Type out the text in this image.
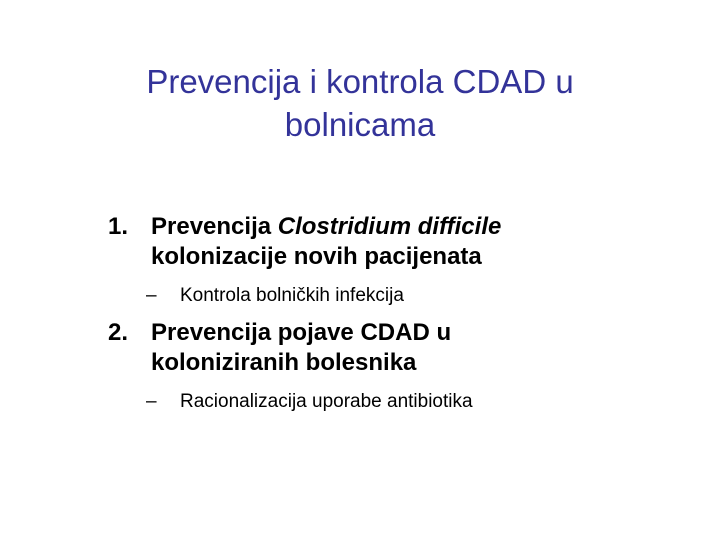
Prevencija i kontrola CDAD u
bolnicama
1. Prevencija Clostridium difficile
kolonizacije novih pacijenata
– Kontrola bolničkih infekcija
2. Prevencija pojave CDAD u
koloniziranih bolesnika
– Racionalizacija uporabe antibiotika
